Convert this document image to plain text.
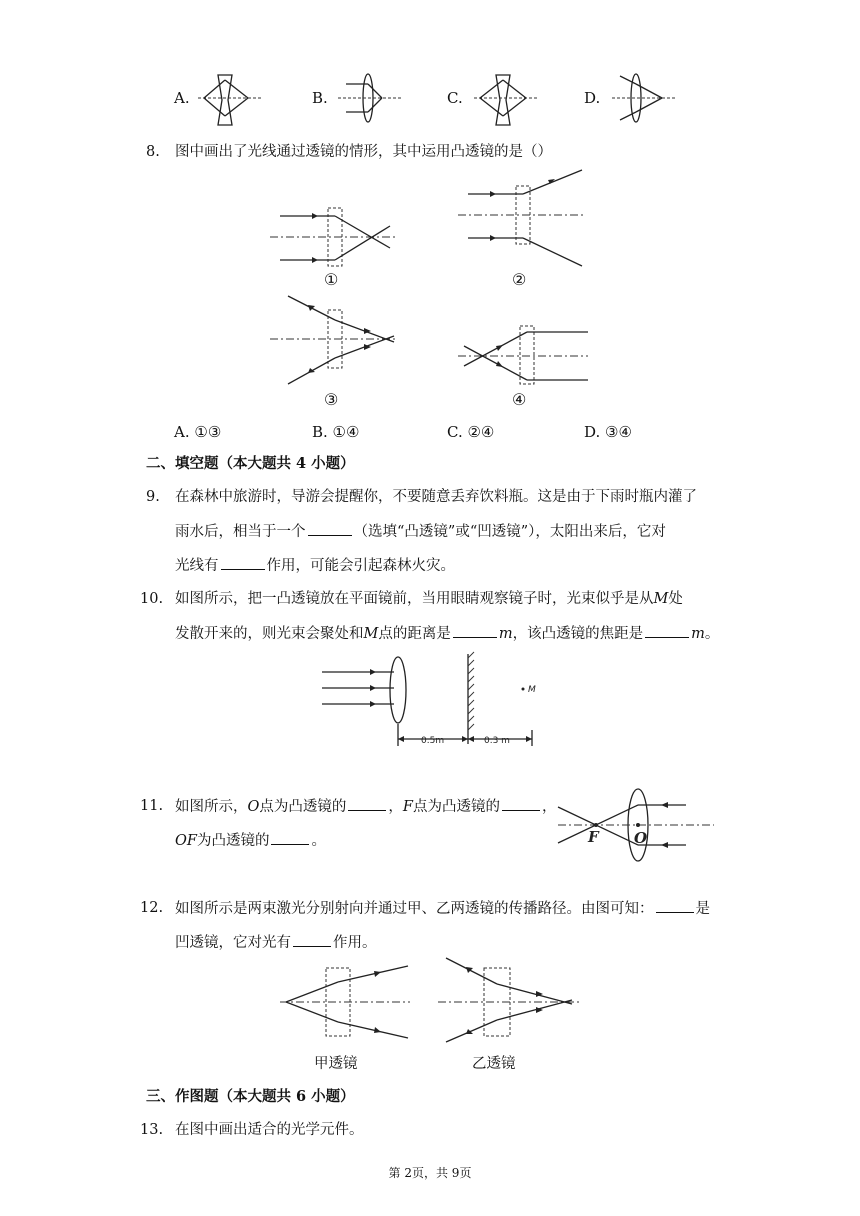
A.	B.	C.	D.
8. 图中画出了光线通过透镜的情形，其中运用凸透镜的是（）
①	②
③	④
A. ①③	B. ①④	C. ②④	D. ③④
二、填空题（本大题共 4 小题）
9. 在森林中旅游时，导游会提醒你，不要随意丢弃饮料瓶。这是由于下雨时瓶内灌了
雨水后，相当于一个	（选填“凸透镜”或“凹透镜”），太阳出来后，它对
光线有	作用，可能会引起森林火灾。
10. 如图所示，把一凸透镜放在平面镜前，当用眼睛观察镜子时，光束似乎是从M处
发散开来的，则光束会聚处和M点的距离是	m，该凸透镜的焦距是	m。
M
0.5m	0.3 m
11. 如图所示，O点为凸透镜的	，F点为凸透镜的	，
OF为凸透镜的	。	F O
12. 如图所示是两束激光分别射向并通过甲、乙两透镜的传播路径。由图可知：	是
凹透镜，它对光有	作用。
甲透镜	乙透镜
三、作图题（本大题共 6 小题）
13. 在图中画出适合的光学元件。
第 2页，共 9页
